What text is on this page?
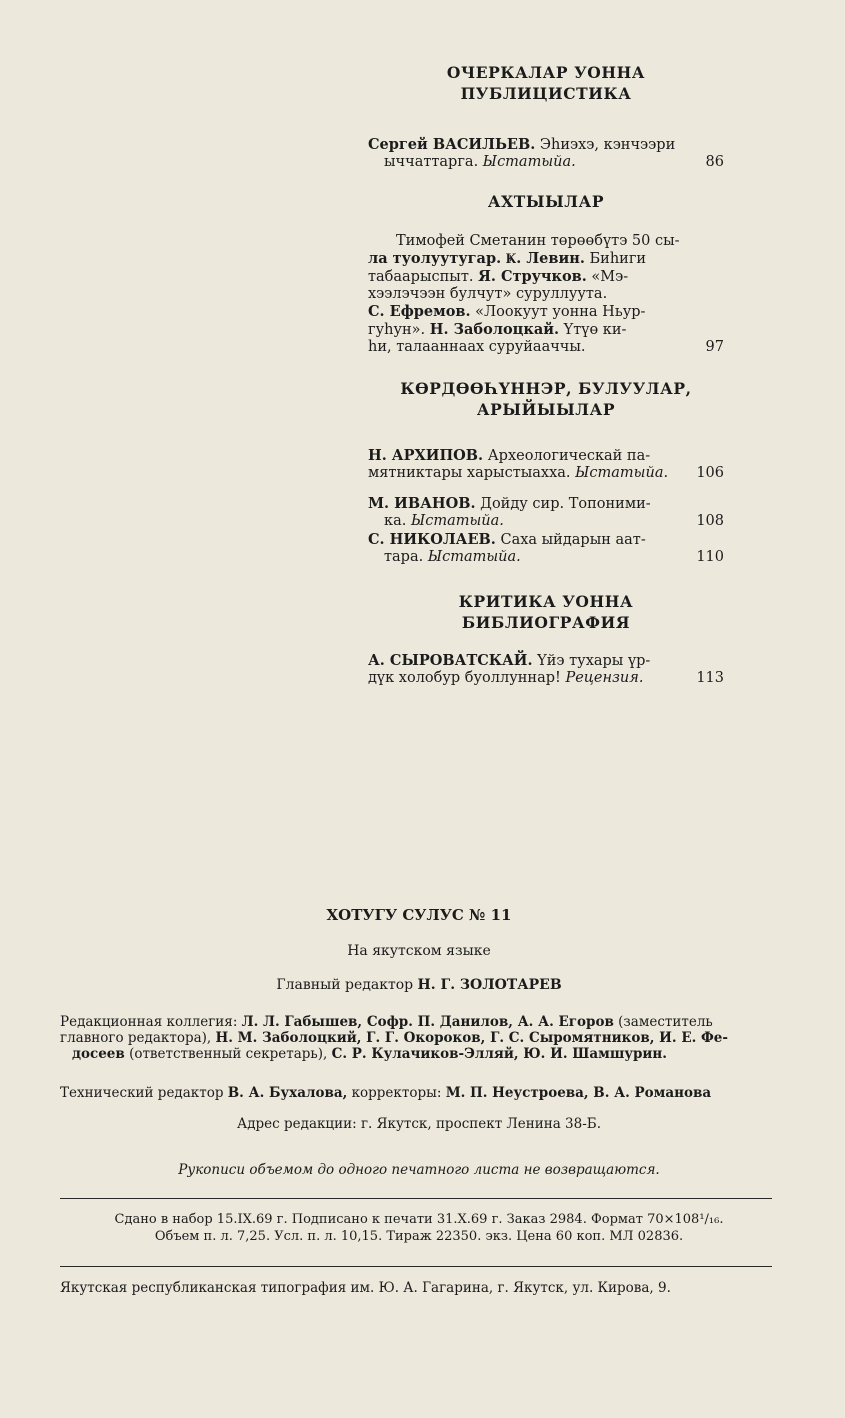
ОЧЕРКАЛАР УОННА

ПУБЛИЦИСТИКА

Сергей ВАСИЛЬЕВ. Эһиэхэ, кэнчээри
ыччаттарга. Ыстатыйа.	86

АХТЫЫЛАР

Тимофей Сметанин төрөөбүтэ 50 сы-
ла туолуутугар. Ҝ. Левин. Биһиги
табаарыспыт. Я. Стручков. «Мэ-
хээлэчээн булчут» суруллуута.
С. Ефремов. «Лоокуут уонна Ньур-
гуһун». Н. Заболоцкай. Үтүө ки-
һи, талааннаах суруйааччы.	97

КӨРДӨӨҺҮННЭР, БУЛУУЛАР,

АРЫЙЫЫЛАР

Н. АРХИПОВ. Археологическай па-
мятниктары харыстыахха. Ыстатыйа.	106
М. ИВАНОВ. Дойду сир. Топоними-
ка. Ыстатыйа.	108
С. НИКОЛАЕВ. Саха ыйдарын аат-
тара. Ыстатыйа.	110

КРИТИКА УОННА

БИБЛИОГРАФИЯ

А. СЫРОВАТСКАЙ. Үйэ тухары үр-
дүк холобур буоллуннар! Рецензия.	113
ХОТУГУ СУЛУС № 11
На якутском языке
Главный редактор Н. Г. ЗОЛОТАРЕВ
Редакционная коллегия: Л. Л. Габышев, Софр. П. Данилов, А. А. Егоров (заместитель
главного редактора), Н. М. Заболоцкий, Г. Г. Окороков, Г. С. Сыромятников, И. Е. Фе-
досеев (ответственный секретарь), С. Р. Кулачиков-Элляй, Ю. И. Шамшурин.
Технический редактор В. А. Бухалова, корректоры: М. П. Неустроева, В. А. Романова
Адрес редакции: г. Якутск, проспект Ленина 38-Б.
Рукописи объемом до одного печатного листа не возвращаются.
Сдано в набор 15.IX.69 г. Подписано к печати 31.X.69 г. Заказ 2984. Формат 70×108¹/₁₆.
Объем п. л. 7,25. Усл. п. л. 10,15. Тираж 22350. экз. Цена 60 коп. МЛ 02836.
Якутская республиканская типография им. Ю. А. Гагарина, г. Якутск, ул. Кирова, 9.
